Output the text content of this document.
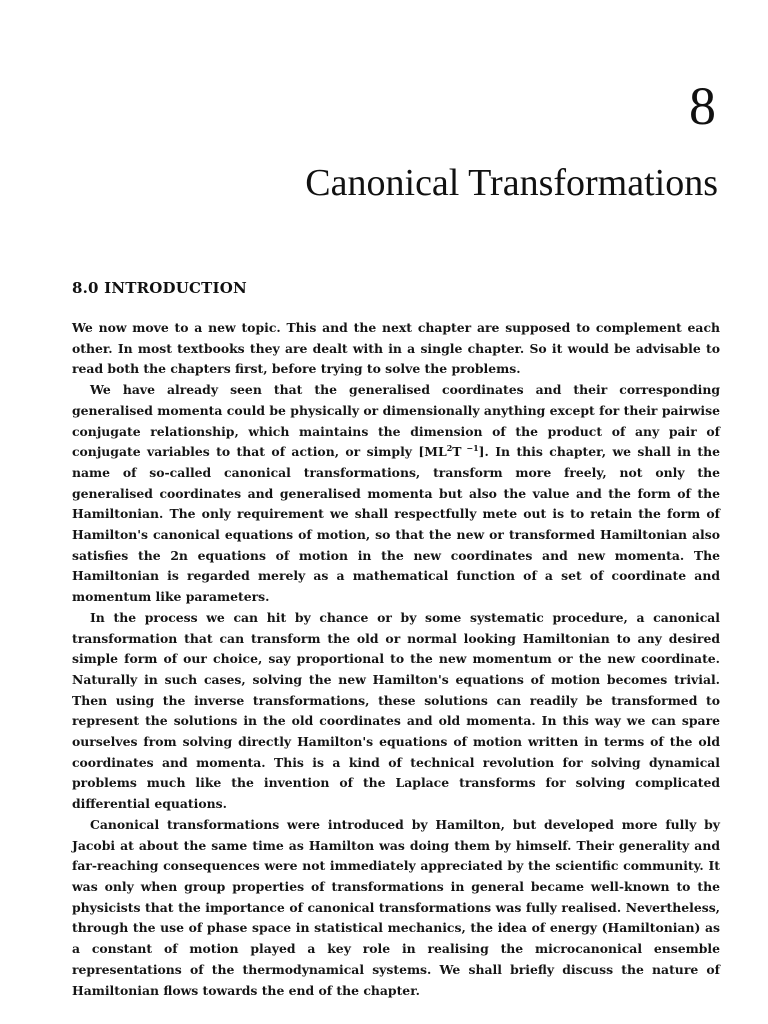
8
Canonical Transformations
8.0 INTRODUCTION

We now move to a new topic. This and the next chapter are supposed to complement each other. In most textbooks they are dealt with in a single chapter. So it would be advisable to read both the chapters first, before trying to solve the problems.

We have already seen that the generalised coordinates and their corresponding generalised momenta could be physically or dimensionally anything except for their pairwise conjugate relationship, which maintains the dimension of the product of any pair of conjugate variables to that of action, or simply [$ML^2T$ $^{-1}$]. In this chapter, we shall in the name of so-called canonical transformations, transform more freely, not only the generalised coordinates and generalised momenta but also the value and the form of the Hamiltonian. The only requirement we shall respectfully mete out is to retain the form of Hamilton's canonical equations of motion, so that the new or transformed Hamiltonian also satisfies the 2n equations of motion in the new coordinates and new momenta. The Hamiltonian is regarded merely as a mathematical function of a set of coordinate and momentum like parameters.

In the process we can hit by chance or by some systematic procedure, a canonical transformation that can transform the old or normal looking Hamiltonian to any desired simple form of our choice, say proportional to the new momentum or the new coordinate. Naturally in such cases, solving the new Hamilton's equations of motion becomes trivial. Then using the inverse transformations, these solutions can readily be transformed to represent the solutions in the old coordinates and old momenta. In this way we can spare ourselves from solving directly Hamilton's equations of motion written in terms of the old coordinates and momenta. This is a kind of technical revolution for solving dynamical problems much like the invention of the Laplace transforms for solving complicated differential equations.

Canonical transformations were introduced by Hamilton, but developed more fully by Jacobi at about the same time as Hamilton was doing them by himself. Their generality and far-reaching consequences were not immediately appreciated by the scientific community. It was only when group properties of transformations in general became well-known to the physicists that the importance of canonical transformations was fully realised. Nevertheless, through the use of phase space in statistical mechanics, the idea of energy (Hamiltonian) as a constant of motion played a key role in realising the microcanonical ensemble representations of the thermodynamical systems. We shall briefly discuss the nature of Hamiltonian flows towards the end of the chapter.
